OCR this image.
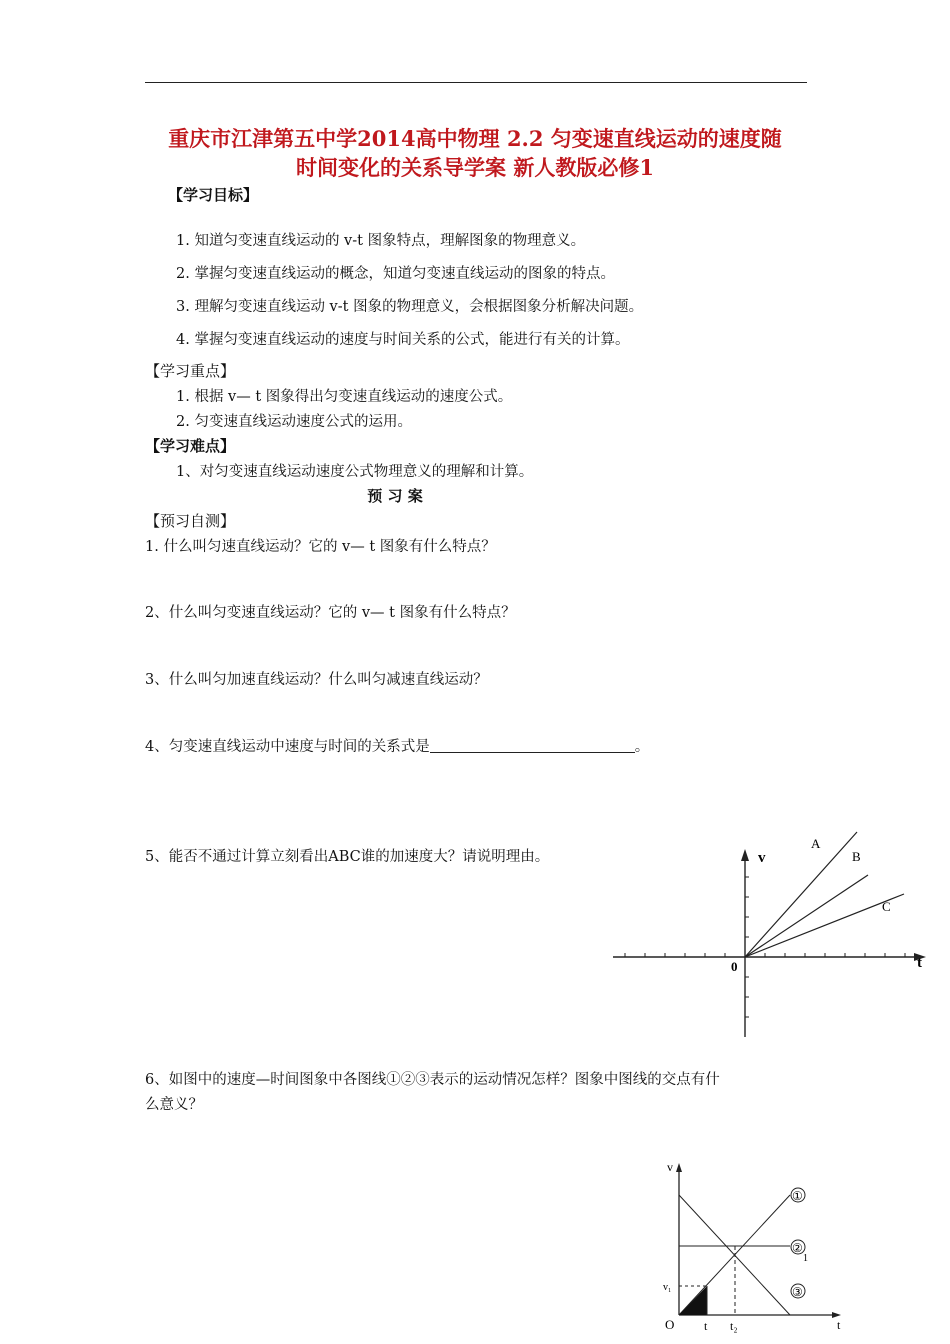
重庆市江津第五中学2014高中物理 2.2 匀变速直线运动的速度随
时间变化的关系导学案 新人教版必修1
【学习目标】
1. 知道匀变速直线运动的 v-t 图象特点，理解图象的物理意义。
2. 掌握匀变速直线运动的概念，知道匀变速直线运动的图象的特点。
3. 理解匀变速直线运动 v-t 图象的物理意义，会根据图象分析解决问题。
4. 掌握匀变速直线运动的速度与时间关系的公式，能进行有关的计算。
【学习重点】
1. 根据 v— t 图象得出匀变速直线运动的速度公式。
2. 匀变速直线运动速度公式的运用。
【学习难点】
1、对匀变速直线运动速度公式物理意义的理解和计算。
预 习 案
【预习自测】
1. 什么叫匀速直线运动？它的 v— t 图象有什么特点？
2、什么叫匀变速直线运动？它的 v— t 图象有什么特点？
3、什么叫匀加速直线运动？什么叫匀减速直线运动？
4、匀变速直线运动中速度与时间的关系式是	。
5、能否不通过计算立刻看出ABC谁的加速度大？请说明理由。	v
t
0
A
B
C
6、如图中的速度—时间图象中各图线①②③表示的运动情况怎样？图象中图线的交点有什
么意义？
v
t
O
v₁
t t₂
①
②
③
1
